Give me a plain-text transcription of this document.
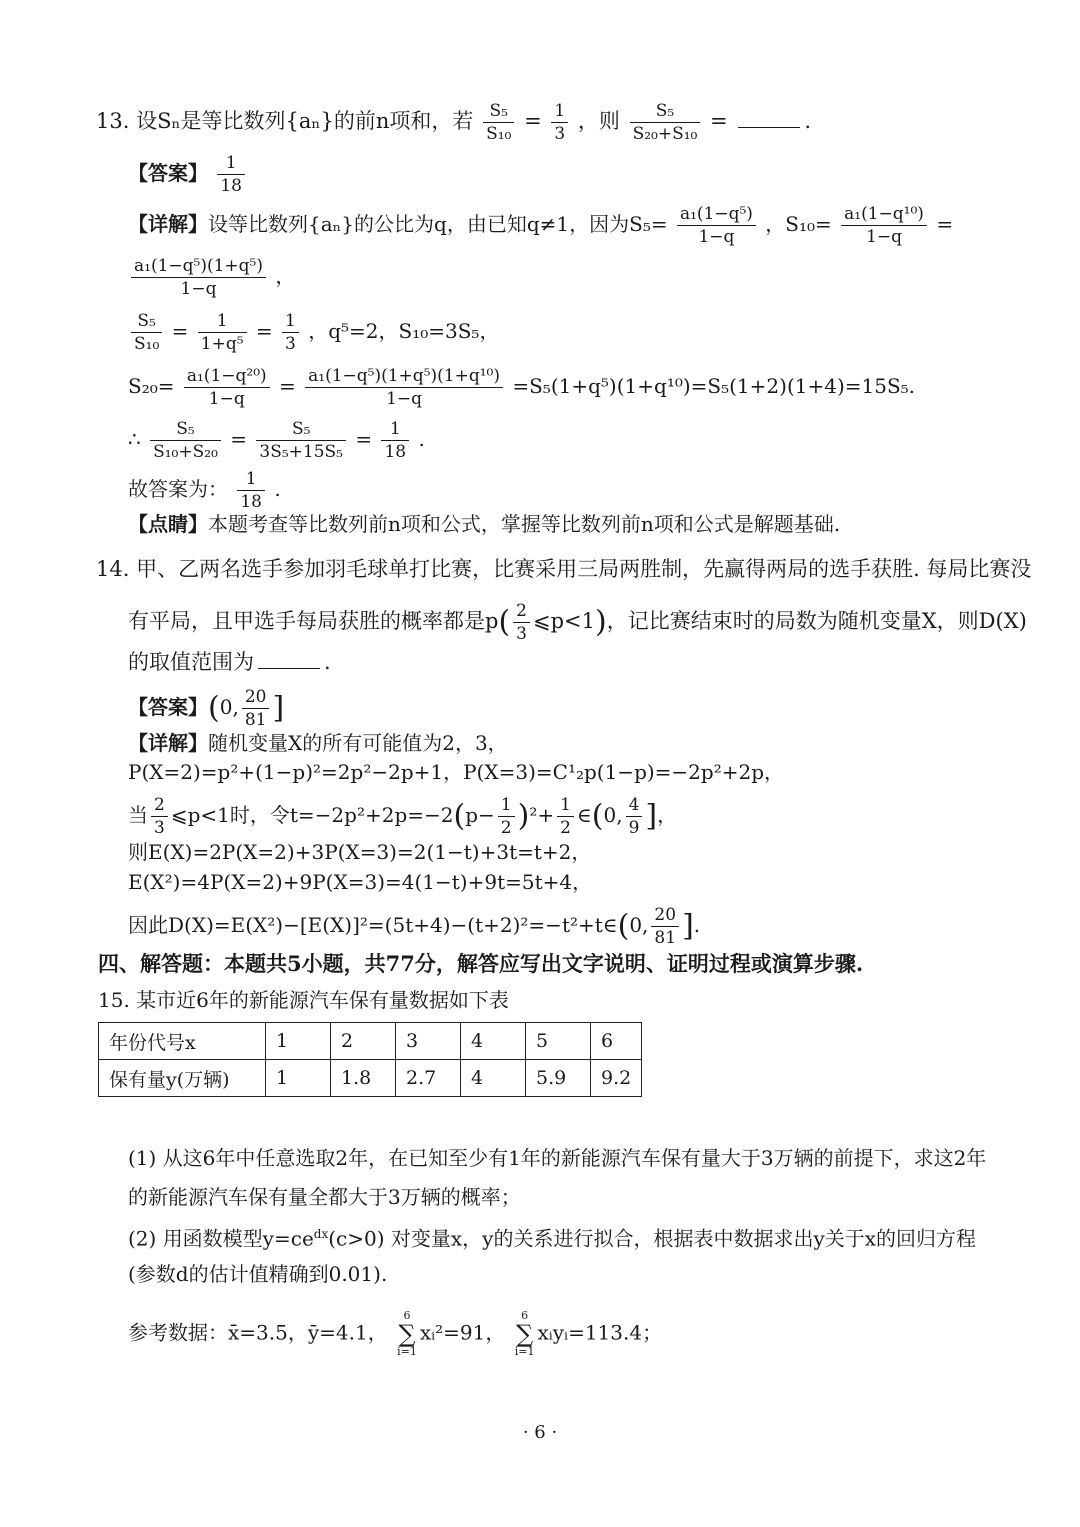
13. 设Sₙ是等比数列{aₙ}的前n项和，若 $\frac{\text{S₅}}{\text{S₁₀}} = \frac{1}{3}$ ，则 $\frac{\text{S₅}}{\text{S₂₀+S₁₀}}$ =	.
【答案】 $\frac{1}{18}$
【详解】设等比数列{aₙ}的公比为q，由已知q≠1，因为$S_5= \frac{\text{a₁(1−q⁵)}}{1-q}$ ，$S_{10}= \frac{\text{a₁(1−q¹⁰)}}{1-q}$ =
$\frac{\text{a₁(1−q⁵)(1+q⁵)}}{1-q}$ ，
$\frac{\text{S₅}}{\text{S₁₀}} = \frac{1}{\text{1+q⁵}} = \frac{1}{3}$ ，q⁵=2，S₁₀=3S₅，
$S_{20}= \frac{\text{a₁(1−q²⁰)}}{1-q} = \frac{\text{a₁(1−q⁵)(1+q⁵)(1+q¹⁰)}}{1-q} =S_5(1+q^5)(1+q^{10})=S_5(1+2)(1+4)=15S_5$.
∴ $\frac{\text{S₅}}{\text{S₁₀+S₂₀}} = \frac{\text{S₅}}{\text{3S₅+15S₅}} = \frac{1}{18}$ .
故答案为： $\frac{1}{18}$ .
【点睛】本题考查等比数列前n项和公式，掌握等比数列前n项和公式是解题基础.
14. 甲、乙两名选手参加羽毛球单打比赛，比赛采用三局两胜制，先赢得两局的选手获胜. 每局比赛没
有平局，且甲选手每局获胜的概率都是$p( \frac{2}{3}$ ⩽p<1)，记比赛结束时的局数为随机变量X，则D(X)
的取值范围为	.
【答案】(0, $\frac{20}{81}$ ]
【详解】随机变量X的所有可能值为2，3，
P(X=2)=p²+(1−p)²=2p²−2p+1，P(X=3)=C¹₂p(1−p)=−2p²+2p，
当 $\frac{2}{3}$ ⩽p<1时，令$t=-2p^2+2p=-2(p- \frac{1}{2} )^2+ \frac{1}{2}$ ∈(0, $\frac{4}{9}$ ]，
则E(X)=2P(X=2)+3P(X=3)=2(1−t)+3t=t+2，
E(X²)=4P(X=2)+9P(X=3)=4(1−t)+9t=5t+4，
因此D(X)=E(X²)−[E(X)]²=(5t+4)−(t+2)²=−t²+t∈(0, $\frac{20}{81}$ ].
四、解答题：本题共5小题，共77分，解答应写出文字说明、证明过程或演算步骤.
15. 某市近6年的新能源汽车保有量数据如下表
年份代号x	1	2	3	4	5	6
保有量y(万辆)	1	1.8	2.7	4	5.9	9.2
(1) 从这6年中任意选取2年，在已知至少有1年的新能源汽车保有量大于3万辆的前提下，求这2年
的新能源汽车保有量全都大于3万辆的概率；
(2) 用函数模型$y=ce^{dx}(c>0)$ 对变量x，y的关系进行拟合，根据表中数据求出y关于x的回归方程
(参数d的估计值精确到0.01).
参考数据：x̄=3.5，ȳ=4.1，
6
∑
i=1
xᵢ²=91，
6
∑
i=1
xᵢyᵢ=113.4；
· 6 ·
